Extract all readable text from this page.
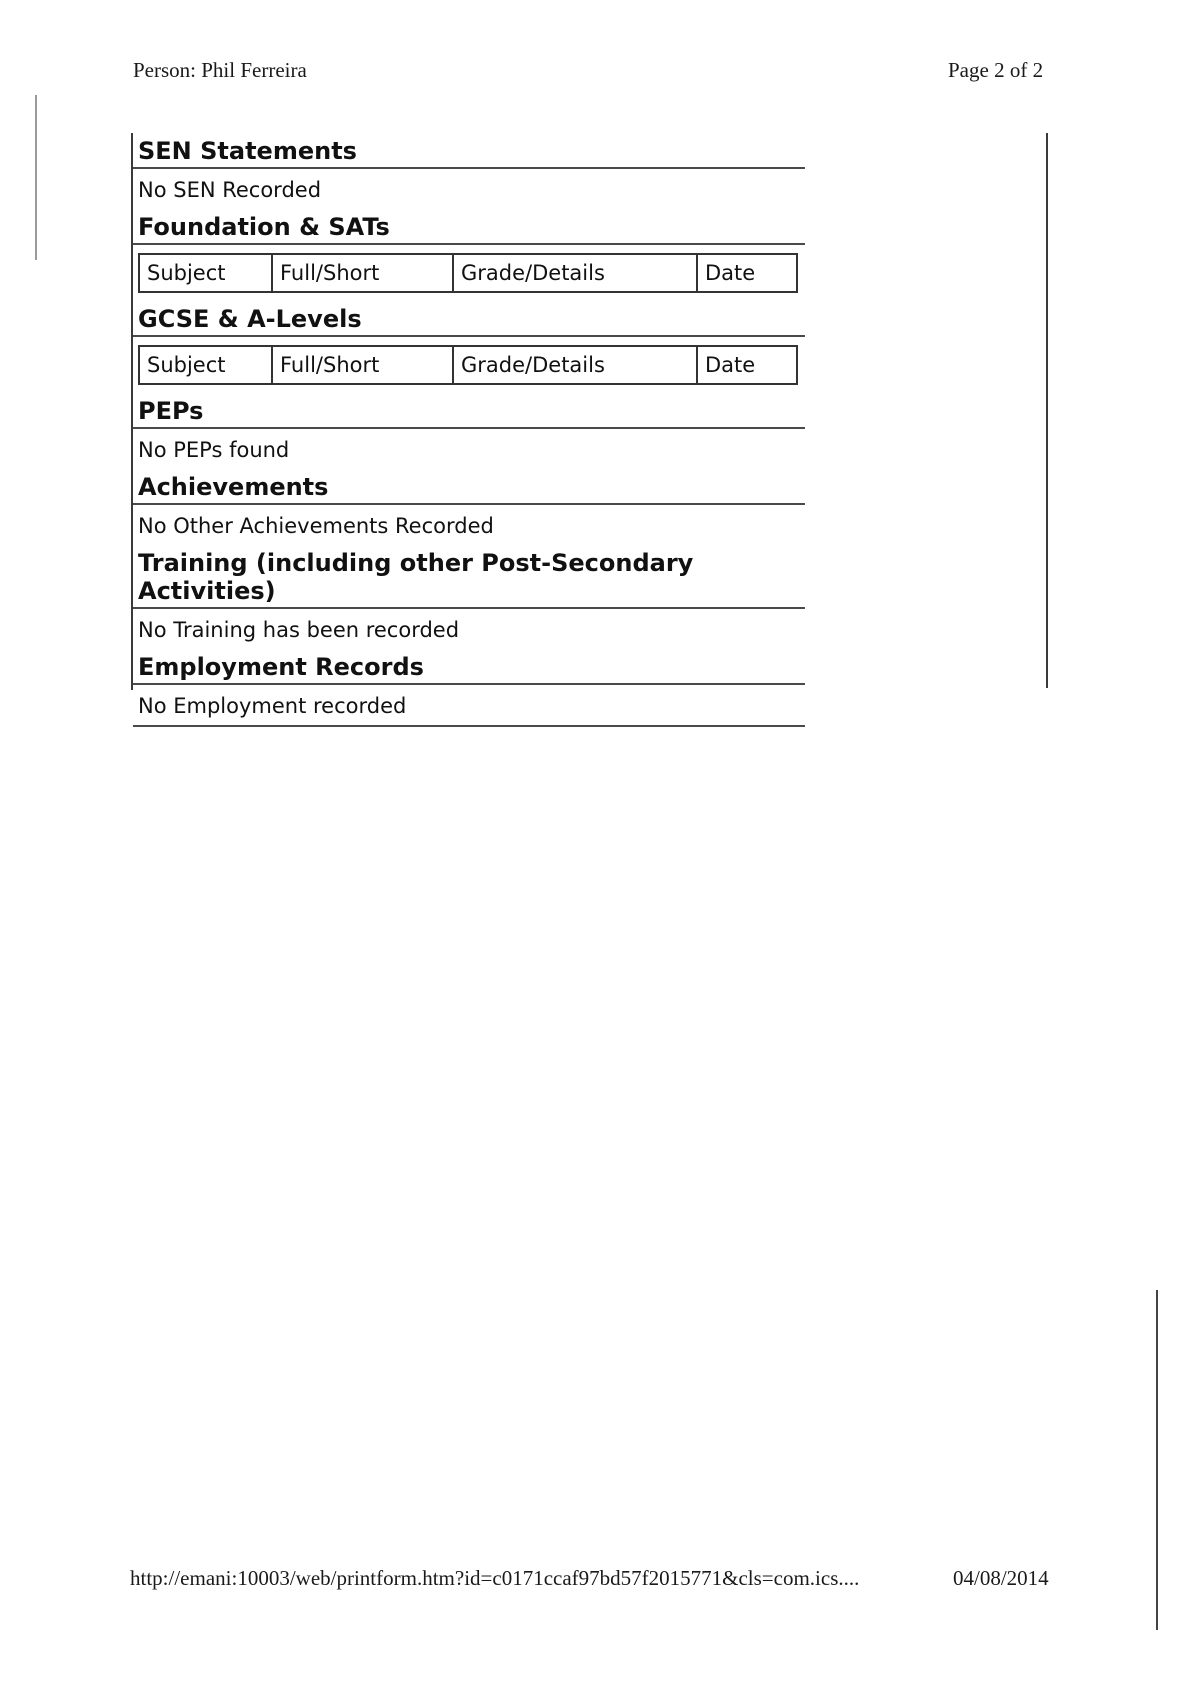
Person: Phil Ferreira	Page 2 of 2
SEN Statements
No SEN Recorded
Foundation & SATs
Subject	Full/Short	Grade/Details	Date
GCSE & A-Levels
Subject	Full/Short	Grade/Details	Date
PEPs
No PEPs found
Achievements
No Other Achievements Recorded
Training (including other Post-Secondary
Activities)
No Training has been recorded
Employment Records
No Employment recorded
http://emani:10003/web/printform.htm?id=c0171ccaf97bd57f2015771&cls=com.ics....	04/08/2014
